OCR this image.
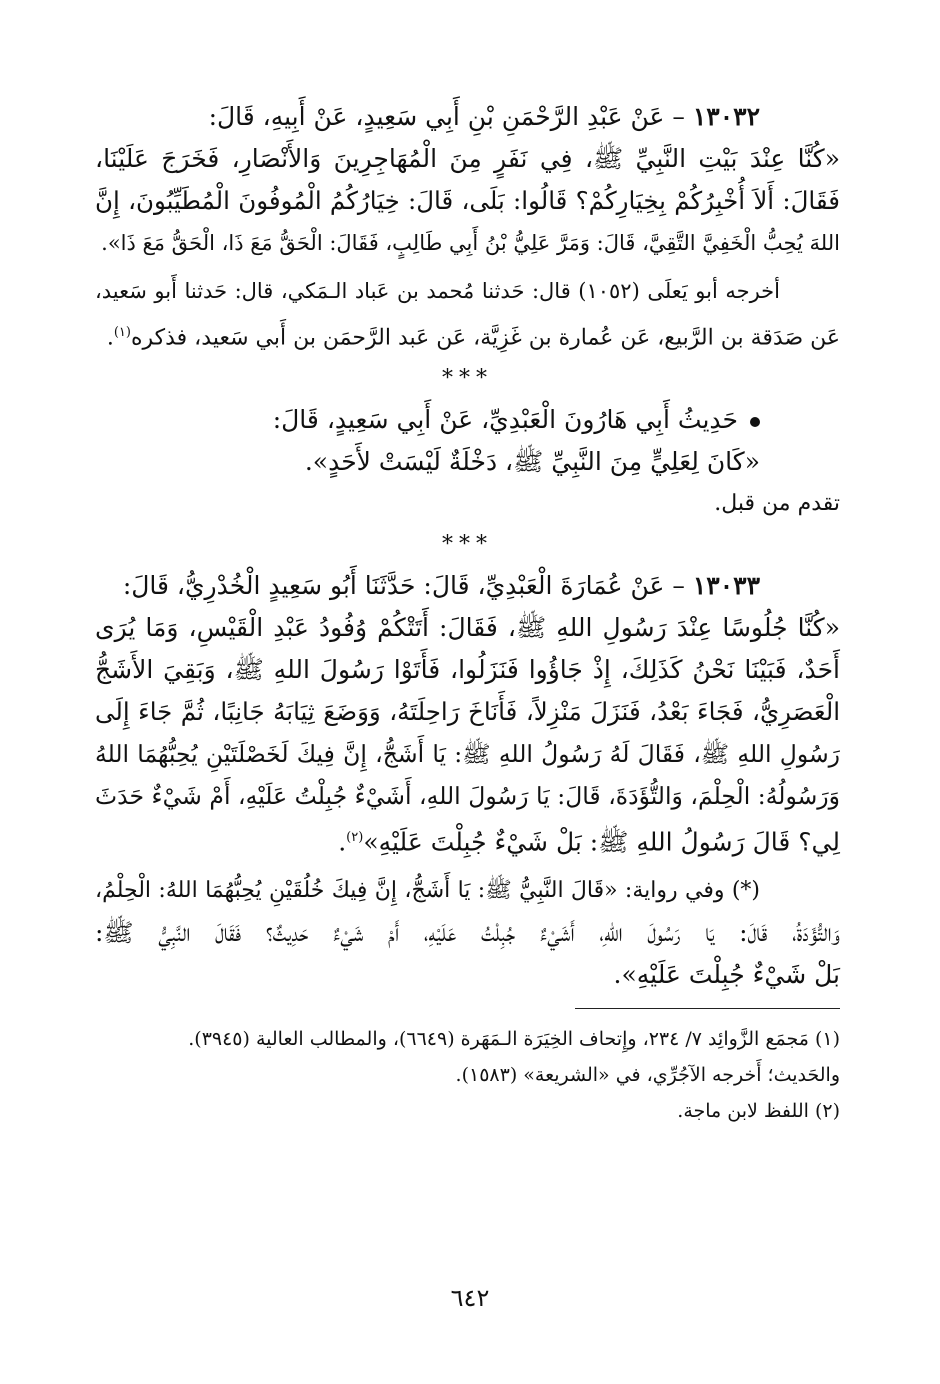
١٣٠٣٢ – عَنْ عَبْدِ الرَّحْمَنِ بْنِ أَبِي سَعِيدٍ، عَنْ أَبِيهِ، قَالَ:
«كُنَّا عِنْدَ بَيْتِ النَّبِيِّ ﷺ، فِي نَفَرٍ مِنَ الْمُهَاجِرِينَ وَالأَنْصَارِ، فَخَرَجَ عَلَيْنَا،
فَقَالَ: أَلاَ أُخْبِرُكُمْ بِخِيَارِكُمْ؟ قَالُوا: بَلَى، قَالَ: خِيَارُكُمُ الْمُوفُونَ الْمُطَيِّبُونَ، إِنَّ
اللهَ يُحِبُّ الْخَفِيَّ التَّقِيَّ، قَالَ: وَمَرَّ عَلِيُّ بْنُ أَبِي طَالِبٍ، فَقَالَ: الْحَقُّ مَعَ ذَا، الْحَقُّ مَعَ ذَا».
أخرجه أبو يَعلَى (١٠٥٢) قال: حَدثنا مُحمد بن عَباد الـمَكي، قال: حَدثنا أَبو سَعيد،
عَن صَدَقة بن الرَّبيع، عَن عُمارة بن غَزِيَّة، عَن عَبد الرَّحمَن بن أَبي سَعيد، فذكره$^{(١)}$.
***
حَدِيثُ أَبِي هَارُونَ الْعَبْدِيِّ، عَنْ أَبِي سَعِيدٍ، قَالَ:
«كَانَ لِعَلِيٍّ مِنَ النَّبِيِّ ﷺ، دَخْلَةٌ لَيْسَتْ لأَحَدٍ».
تقدم من قبل.
***
١٣٠٣٣ – عَنْ عُمَارَةَ الْعَبْدِيِّ، قَالَ: حَدَّثَنَا أَبُو سَعِيدٍ الْخُدْرِيُّ، قَالَ:
«كُنَّا جُلُوسًا عِنْدَ رَسُولِ اللهِ ﷺ، فَقَالَ: أَتَتْكُمْ وُفُودُ عَبْدِ الْقَيْسِ، وَمَا يُرَى
أَحَدٌ، فَبَيْنَا نَحْنُ كَذَلِكَ، إِذْ جَاؤُوا فَنَزَلُوا، فَأَتَوْا رَسُولَ اللهِ ﷺ، وَبَقِيَ الأَشَجُّ
الْعَصَرِيُّ، فَجَاءَ بَعْدُ، فَنَزَلَ مَنْزِلاً، فَأَنَاخَ رَاحِلَتَهُ، وَوَضَعَ ثِيَابَهُ جَانِبًا، ثُمَّ جَاءَ إِلَى
رَسُولِ اللهِ ﷺ، فَقَالَ لَهُ رَسُولُ اللهِ ﷺ: يَا أَشَجُّ، إِنَّ فِيكَ لَخَصْلَتَيْنِ يُحِبُّهُمَا اللهُ
وَرَسُولُهُ: الْحِلْمَ، وَالتُّؤَدَةَ، قَالَ: يَا رَسُولَ اللهِ، أَشَيْءٌ جُبِلْتُ عَلَيْهِ، أَمْ شَيْءٌ حَدَثَ
لِي؟ قَالَ رَسُولُ اللهِ ﷺ: بَلْ شَيْءٌ جُبِلْتَ عَلَيْهِ»$^{(٢)}$.
(*) وفي رواية: «قَالَ النَّبِيُّ ﷺ: يَا أَشَجُّ، إِنَّ فِيكَ خُلُقَيْنِ يُحِبُّهُمَا اللهُ: الْحِلْمُ،
وَالتُّؤَدَةُ، قَالَ: يَا رَسُولَ اللهِ، أَشَيْءٌ جُبِلْتُ عَلَيْهِ، أَمْ شَيْءٌ حَدِيثٌ؟ فَقَالَ النَّبِيُّ ﷺ:
بَلْ شَيْءٌ جُبِلْتَ عَلَيْهِ».
(١) مَجمَع الزَّوائِد ٧/ ٢٣٤، وإِتحاف الخِيَرَة الـمَهَرة (٦٦٤٩)، والمطالب العالية (٣٩٤٥).
والحَديث؛ أَخرجه الآجُرِّي، في «الشريعة» (١٥٨٣).
(٢) اللفظ لابن ماجة.
٦٤٢
